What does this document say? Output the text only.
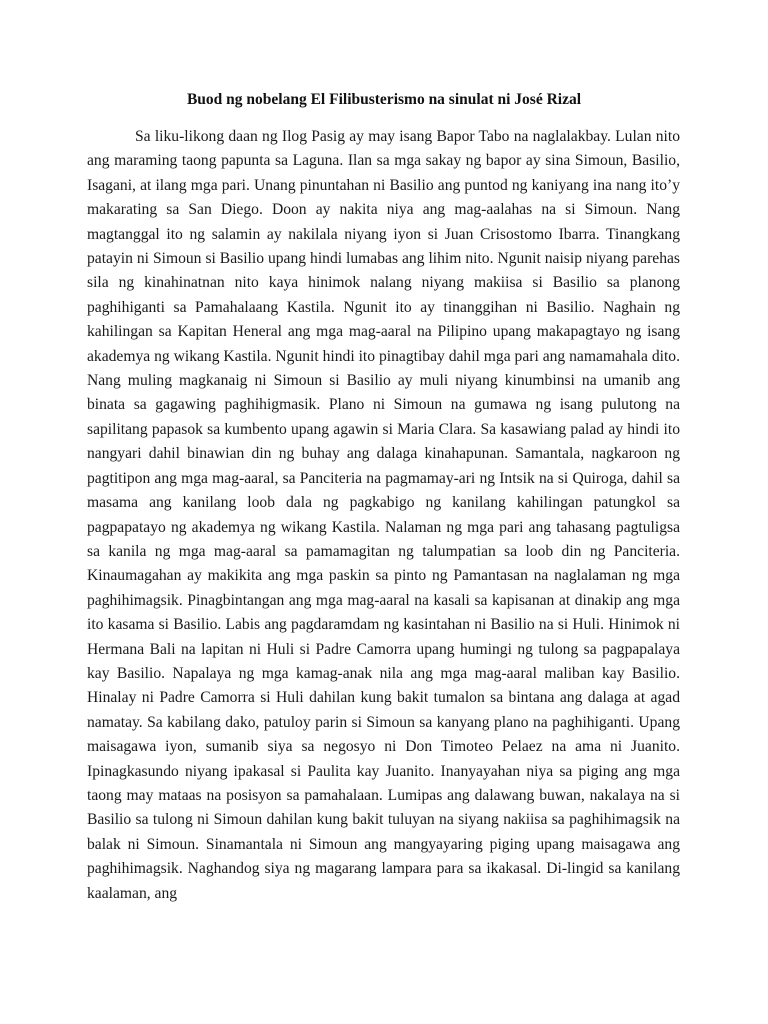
Buod ng nobelang El Filibusterismo na sinulat ni José Rizal

Sa liku-likong daan ng Ilog Pasig ay may isang Bapor Tabo na naglalakbay. Lulan nito ang maraming taong papunta sa Laguna. Ilan sa mga sakay ng bapor ay sina Simoun, Basilio, Isagani, at ilang mga pari. Unang pinuntahan ni Basilio ang puntod ng kaniyang ina nang ito’y makarating sa San Diego. Doon ay nakita niya ang mag-aalahas na si Simoun. Nang magtanggal ito ng salamin ay nakilala niyang iyon si Juan Crisostomo Ibarra. Tinangkang patayin ni Simoun si Basilio upang hindi lumabas ang lihim nito. Ngunit naisip niyang parehas sila ng kinahinatnan nito kaya hinimok nalang niyang makiisa si Basilio sa planong paghihiganti sa Pamahalaang Kastila. Ngunit ito ay tinanggihan ni Basilio. Naghain ng kahilingan sa Kapitan Heneral ang mga mag-aaral na Pilipino upang makapagtayo ng isang akademya ng wikang Kastila. Ngunit hindi ito pinagtibay dahil mga pari ang namamahala dito. Nang muling magkanaig ni Simoun si Basilio ay muli niyang kinumbinsi na umanib ang binata sa gagawing paghihigmasik. Plano ni Simoun na gumawa ng isang pulutong na sapilitang papasok sa kumbento upang agawin si Maria Clara. Sa kasawiang palad ay hindi ito nangyari dahil binawian din ng buhay ang dalaga kinahapunan. Samantala, nagkaroon ng pagtitipon ang mga mag-aaral, sa Panciteria na pagmamay-ari ng Intsik na si Quiroga, dahil sa masama ang kanilang loob dala ng pagkabigo ng kanilang kahilingan patungkol sa pagpapatayo ng akademya ng wikang Kastila. Nalaman ng mga pari ang tahasang pagtuligsa sa kanila ng mga mag-aaral sa pamamagitan ng talumpatian sa loob din ng Panciteria. Kinaumagahan ay makikita ang mga paskin sa pinto ng Pamantasan na naglalaman ng mga paghihimagsik. Pinagbintangan ang mga mag-aaral na kasali sa kapisanan at dinakip ang mga ito kasama si Basilio. Labis ang pagdaramdam ng kasintahan ni Basilio na si Huli. Hinimok ni Hermana Bali na lapitan ni Huli si Padre Camorra upang humingi ng tulong sa pagpapalaya kay Basilio. Napalaya ng mga kamag-anak nila ang mga mag-aaral maliban kay Basilio. Hinalay ni Padre Camorra si Huli dahilan kung bakit tumalon sa bintana ang dalaga at agad namatay. Sa kabilang dako, patuloy parin si Simoun sa kanyang plano na paghihiganti. Upang maisagawa iyon, sumanib siya sa negosyo ni Don Timoteo Pelaez na ama ni Juanito. Ipinagkasundo niyang ipakasal si Paulita kay Juanito. Inanyayahan niya sa piging ang mga taong may mataas na posisyon sa pamahalaan. Lumipas ang dalawang buwan, nakalaya na si Basilio sa tulong ni Simoun dahilan kung bakit tuluyan na siyang nakiisa sa paghihimagsik na balak ni Simoun. Sinamantala ni Simoun ang mangyayaring piging upang maisagawa ang paghihimagsik. Naghandog siya ng magarang lampara para sa ikakasal. Di-lingid sa kanilang kaalaman, ang
